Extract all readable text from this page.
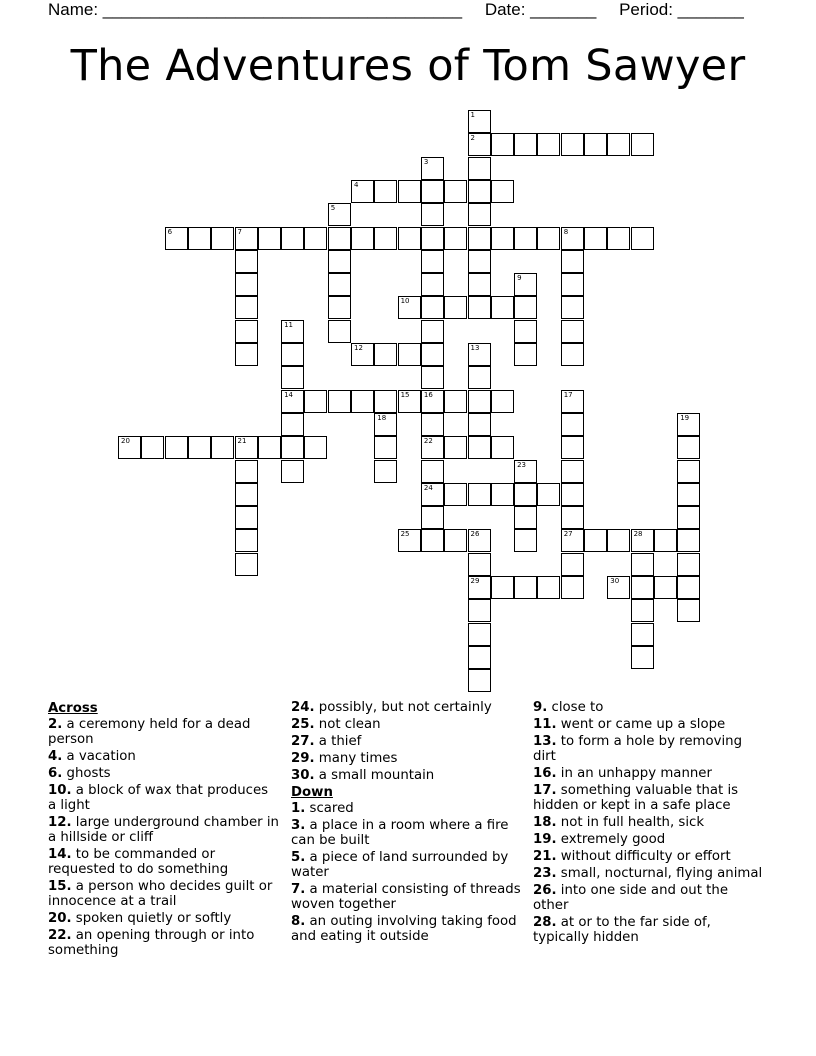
Name: ______________________________________ Date: _______ Period: _______
The Adventures of Tom Sawyer
1
2
3
4
5
6	7	8
9
10
11
14
12	13
15 16
22
24
17
27
18	19
20	21
23
25	26
29
28
30
Across
2. a ceremony held for a dead person
4. a vacation
6. ghosts
10. a block of wax that produces a light
12. large underground chamber in a hillside or cliff
14. to be commanded or requested to do something
15. a person who decides guilt or innocence at a trail
20. spoken quietly or softly
22. an opening through or into something
24. possibly, but not certainly
25. not clean
27. a thief
29. many times
30. a small mountain
Down
1. scared
3. a place in a room where a fire can be built
5. a piece of land surrounded by water
7. a material consisting of threads woven together
8. an outing involving taking food and eating it outside
9. close to
11. went or came up a slope
13. to form a hole by removing dirt
16. in an unhappy manner
17. something valuable that is hidden or kept in a safe place
18. not in full health, sick
19. extremely good
21. without difficulty or effort
23. small, nocturnal, flying animal
26. into one side and out the other
28. at or to the far side of, typically hidden
